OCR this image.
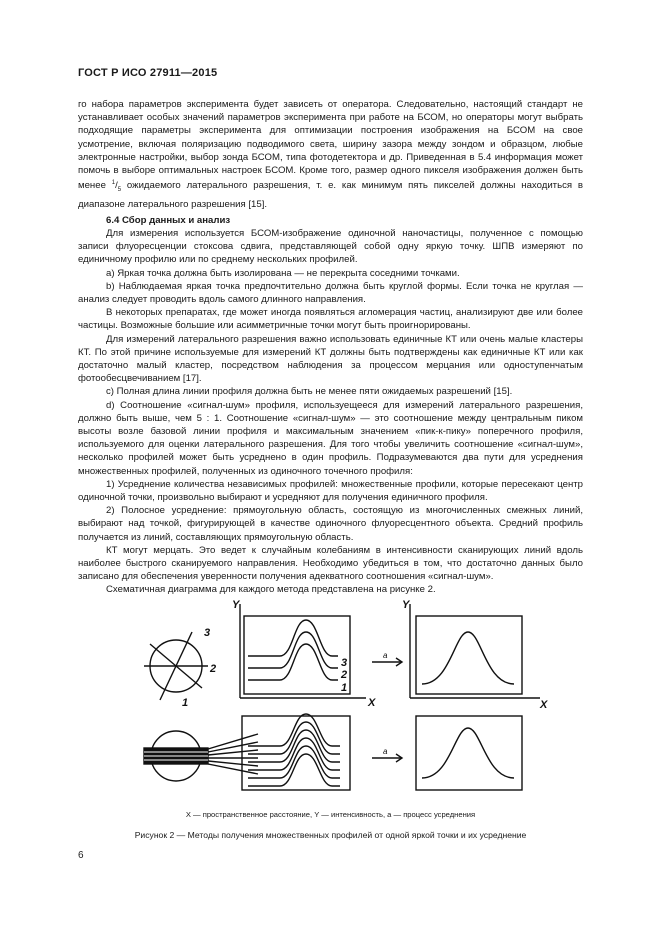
ГОСТ Р ИСО 27911—2015

го набора параметров эксперимента будет зависеть от оператора. Следовательно, настоящий стандарт не устанавливает особых значений параметров эксперимента при работе на БСОМ, но операторы могут выбрать подходящие параметры эксперимента для оптимизации построения изображения на БСОМ на свое усмотрение, включая поляризацию подводимого света, ширину зазора между зондом и образцом, любые электронные настройки, выбор зонда БСОМ, типа фотодетектора и др. Приведенная в 5.4 информация может помочь в выборе оптимальных настроек БСОМ. Кроме того, размер одного пикселя изображения должен быть менее $^1/_5$ ожидаемого латерального разрешения, т. е. как минимум пять пикселей должны находиться в диапазоне латерального разрешения [15].

6.4 Сбор данных и анализ

Для измерения используется БСОМ-изображение одиночной наночастицы, полученное с помощью записи флуоресценции стоксова сдвига, представляющей собой одну яркую точку. ШПВ измеряют по единичному профилю или по среднему нескольких профилей.

а) Яркая точка должна быть изолирована — не перекрыта соседними точками.

b) Наблюдаемая яркая точка предпочтительно должна быть круглой формы. Если точка не круглая — анализ следует проводить вдоль самого длинного направления.

В некоторых препаратах, где может иногда появляться агломерация частиц, анализируют две или более частицы. Возможные большие или асимметричные точки могут быть проигнорированы.

Для измерений латерального разрешения важно использовать единичные КТ или очень малые кластеры КТ. По этой причине используемые для измерений КТ должны быть подтверждены как единичные КТ или как достаточно малый кластер, посредством наблюдения за процессом мерцания или одноступенчатым фотообесцвечиванием [17].

c) Полная длина линии профиля должна быть не менее пяти ожидаемых разрешений [15].

d) Соотношение «сигнал-шум» профиля, используещееся для измерений латерального разрешения, должно быть выше, чем 5 : 1. Соотношение «сигнал-шум» — это соотношение между центральным пиком высоты возле базовой линии профиля и максимальным значением «пик-к-пику» поперечного профиля, используемого для оценки латерального разрешения. Для того чтобы увеличить соотношение «сигнал-шум», несколько профилей может быть усреднено в один профиль. Подразумеваются два пути для усреднения множественных профилей, полученных из одиночного точечного профиля:

1) Усреднение количества независимых профилей: множественные профили, которые пересекают центр одиночной точки, произвольно выбирают и усредняют для получения единичного профиля.

2) Полосное усреднение: прямоугольную область, состоящую из многочисленных смежных линий, выбирают над точкой, фигурирующей в качестве одиночного флуоресцентного объекта. Средний профиль получается из линий, составляющих прямоугольную область.

КТ могут мерцать. Это ведет к случайным колебаниям в интенсивности сканирующих линий вдоль наиболее быстрого сканируемого направления. Необходимо убедиться в том, что достаточно данных было записано для обеспечения уверенности получения адекватного соотношения «сигнал-шум».

Схематичная диаграмма для каждого метода представлена на рисунке 2.

3
2
1
3
2
1
Y
X
Y
X
a
a
X — пространственное расстояние, Y — интенсивность, a — процесс усреднения
Рисунок 2 — Методы получения множественных профилей от одной яркой точки и их усреднение
6
